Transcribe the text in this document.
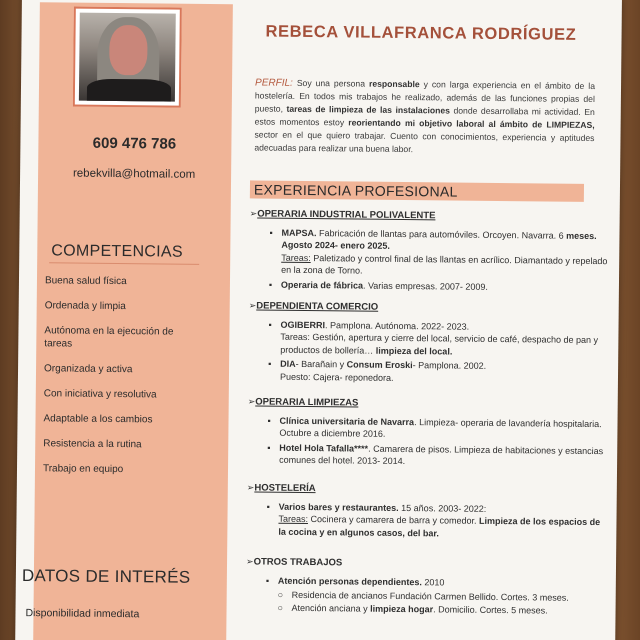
609 476 786
rebekvilla@hotmail.com
COMPETENCIAS
Buena salud física
Ordenada y limpia
Autónoma en la ejecución de tareas
Organizada y activa
Con iniciativa y resolutiva
Adaptable a los cambios
Resistencia a la rutina
Trabajo en equipo
DATOS DE INTERÉS
Disponibilidad inmediata
REBECA VILLAFRANCA RODRÍGUEZ
PERFIL: Soy una persona responsable y con larga experiencia en el ámbito de la hostelería. En todos mis trabajos he realizado, además de las funciones propias del puesto, tareas de limpieza de las instalaciones donde desarrollaba mi actividad. En estos momentos estoy reorientando mi objetivo laboral al ámbito de LIMPIEZAS, sector en el que quiero trabajar. Cuento con conocimientos, experiencia y aptitudes adecuadas para realizar una buena labor.
EXPERIENCIA PROFESIONAL
➢OPERARIA INDUSTRIAL POLIVALENTE
▪ MAPSA. Fabricación de llantas para automóviles. Orcoyen. Navarra. 6 meses. Agosto 2024- enero 2025.
Tareas: Paletizado y control final de las llantas en acrílico. Diamantado y repelado en la zona de Torno.
▪ Operaria de fábrica. Varias empresas. 2007- 2009.
➢DEPENDIENTA COMERCIO
▪ OGIBERRI. Pamplona. Autónoma. 2022- 2023.
Tareas: Gestión, apertura y cierre del local, servicio de café, despacho de pan y productos de bollería… limpieza del local.
▪ DIA- Barañain y Consum Eroski- Pamplona. 2002.
Puesto: Cajera- reponedora.
➢OPERARIA LIMPIEZAS
▪ Clínica universitaria de Navarra. Limpieza- operaria de lavandería hospitalaria. Octubre a diciembre 2016.
▪ Hotel Hola Tafalla****. Camarera de pisos. Limpieza de habitaciones y estancias comunes del hotel. 2013- 2014.
➢HOSTELERÍA
▪ Varios bares y restaurantes. 15 años. 2003- 2022:
Tareas: Cocinera y camarera de barra y comedor. Limpieza de los espacios de la cocina y en algunos casos, del bar.
➢OTROS TRABAJOS
▪ Atención personas dependientes. 2010
○ Residencia de ancianos Fundación Carmen Bellido. Cortes. 3 meses.
○ Atención anciana y limpieza hogar. Domicilio. Cortes. 5 meses.
